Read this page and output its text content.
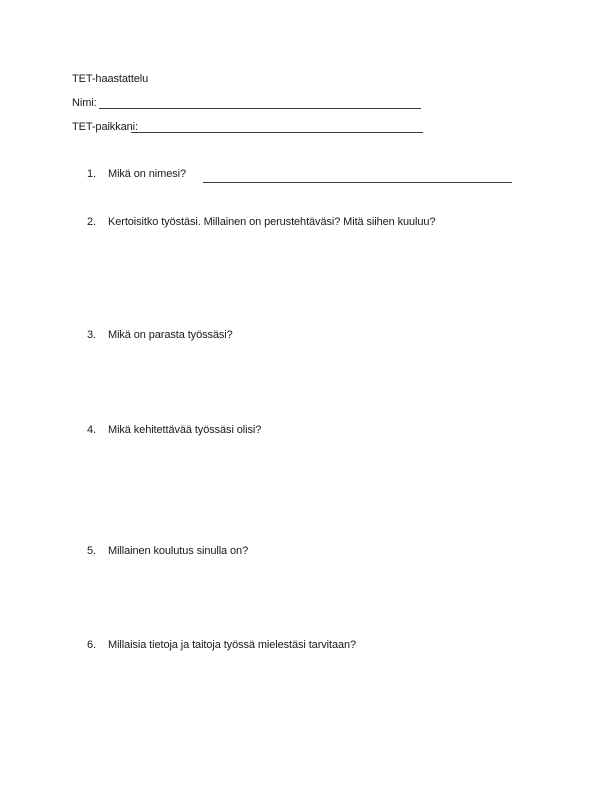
TET-haastattelu
Nimi:
TET-paikkani:
1. Mikä on nimesi?
2. Kertoisitko työstäsi. Millainen on perustehtäväsi? Mitä siihen kuuluu?
3. Mikä on parasta työssäsi?
4. Mikä kehitettävää työssäsi olisi?
5. Millainen koulutus sinulla on?
6. Millaisia tietoja ja taitoja työssä mielestäsi tarvitaan?
